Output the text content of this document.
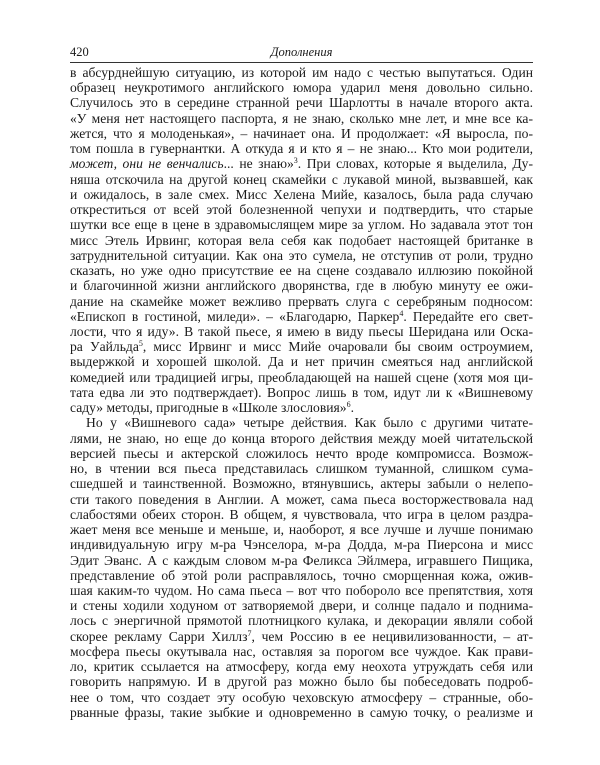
420	Дополнения
в абсурднейшую ситуацию, из которой им надо с честью выпутаться. Один
образец неукротимого английского юмора ударил меня довольно сильно.
Случилось это в середине странной речи Шарлотты в начале второго акта.
«У меня нет настоящего паспорта, я не знаю, сколько мне лет, и мне все ка-
жется, что я молоденькая», – начинает она. И продолжает: «Я выросла, по-
том пошла в гувернантки. А откуда я и кто я – не знаю... Кто мои родители,
может, они не венчались... не знаю»$^3$. При словах, которые я выделила, Ду-
няша отскочила на другой конец скамейки с лукавой миной, вызвавшей, как
и ожидалось, в зале смех. Мисс Хелена Мийе, казалось, была рада случаю
откреститься от всей этой болезненной чепухи и подтвердить, что старые
шутки все еще в цене в здравомыслящем мире за углом. Но задавала этот тон
мисс Этель Ирвинг, которая вела себя как подобает настоящей британке в
затруднительной ситуации. Как она это сумела, не отступив от роли, трудно
сказать, но уже одно присутствие ее на сцене создавало иллюзию покойной
и благочинной жизни английского дворянства, где в любую минуту ее ожи-
дание на скамейке может вежливо прервать слуга с серебряным подносом:
«Епископ в гостиной, миледи». – «Благодарю, Паркер$^4$. Передайте его свет-
лости, что я иду». В такой пьесе, я имею в виду пьесы Шеридана или Оска-
ра Уайльда$^5$, мисс Ирвинг и мисс Мийе очаровали бы своим остроумием,
выдержкой и хорошей школой. Да и нет причин смеяться над английской
комедией или традицией игры, преобладающей на нашей сцене (хотя моя ци-
тата едва ли это подтверждает). Вопрос лишь в том, идут ли к «Вишневому
саду» методы, пригодные в «Школе злословия»$^6$.
Но у «Вишневого сада» четыре действия. Как было с другими читате-
лями, не знаю, но еще до конца второго действия между моей читательской
версией пьесы и актерской сложилось нечто вроде компромисса. Возмож-
но, в чтении вся пьеса представилась слишком туманной, слишком сума-
сшедшей и таинственной. Возможно, втянувшись, актеры забыли о нелепо-
сти такого поведения в Англии. А может, сама пьеса восторжествовала над
слабостями обеих сторон. В общем, я чувствовала, что игра в целом раздра-
жает меня все меньше и меньше, и, наоборот, я все лучше и лучше понимаю
индивидуальную игру м-ра Чэнселора, м-ра Додда, м-ра Пиерсона и мисс
Эдит Эванс. А с каждым словом м-ра Феликса Эйлмера, игравшего Пищика,
представление об этой роли расправлялось, точно сморщенная кожа, ожив-
шая каким-то чудом. Но сама пьеса – вот что побороло все препятствия, хотя
и стены ходили ходуном от затворяемой двери, и солнце падало и поднима-
лось с энергичной прямотой плотницкого кулака, и декорации являли собой
скорее рекламу Сарри Хиллз$^7$, чем Россию в ее нецивилизованности, – ат-
мосфера пьесы окутывала нас, оставляя за порогом все чуждое. Как прави-
ло, критик ссылается на атмосферу, когда ему неохота утруждать себя или
говорить напрямую. И в другой раз можно было бы побеседовать подроб-
нее о том, что создает эту особую чеховскую атмосферу – странные, обо-
рванные фразы, такие зыбкие и одновременно в самую точку, о реализме и
